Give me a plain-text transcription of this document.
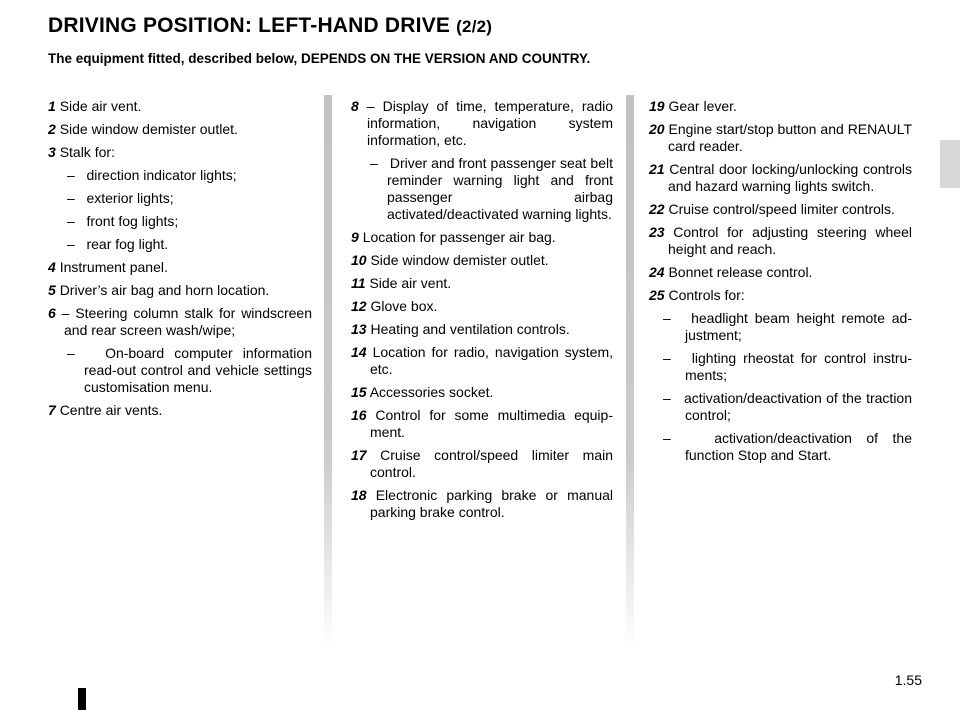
DRIVING POSITION: LEFT-HAND DRIVE (2/2)

The equipment fitted, described below, DEPENDS ON THE VERSION AND COUNTRY.

1 Side air vent.

2 Side window demister outlet.

3 Stalk for:

– direction indicator lights;

– exterior lights;

– front fog lights;

– rear fog light.

4 Instrument panel.

5 Driver’s air bag and horn location.

6 – Steering column stalk for windscreen and rear screen wash/wipe;

– On-board computer information read-out control and vehicle settings customisation menu.

7 Centre air vents.

8 – Display of time, temperature, radio information, navigation system information, etc.

– Driver and front passenger seat belt reminder warning light and front passenger airbag activated/deactivated warning lights.

9 Location for passenger air bag.

10 Side window demister outlet.

11 Side air vent.

12 Glove box.

13 Heating and ventilation controls.

14 Location for radio, navigation system, etc.

15 Accessories socket.

16 Control for some multimedia equipment.

17 Cruise control/speed limiter main control.

18 Electronic parking brake or manual parking brake control.

19 Gear lever.

20 Engine start/stop button and RENAULT card reader.

21 Central door locking/unlocking controls and hazard warning lights switch.

22 Cruise control/speed limiter controls.

23 Control for adjusting steering wheel height and reach.

24 Bonnet release control.

25 Controls for:

– headlight beam height remote adjustment;

– lighting rheostat for control instruments;

– activation/deactivation of the traction control;

–	activation/deactivation of the function Stop and Start.

1.55
